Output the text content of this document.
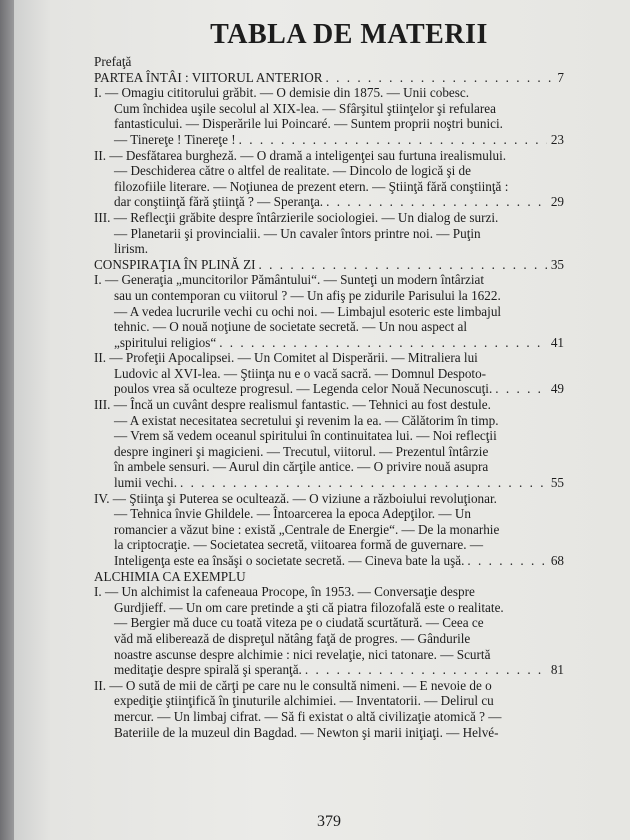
TABLA DE MATERII
Prefaţă
PARTEA ÎNTÂI : VIITORUL ANTERIOR . . .	7
I. — Omagiu cititorului grăbit. — O demisie din 1875. — Unii cobesc.
Cum închidea uşile secolul al XIX-lea. — Sfârşitul ştiinţelor şi refularea
fantasticului. — Disperările lui Poincaré. — Suntem proprii noştri bunici.
— Tinereţe ! Tinereţe ! . . .	23
II. — Desfătarea burgheză. — O dramă a inteligenţei sau furtuna irealismului.
— Deschiderea către o altfel de realitate. — Dincolo de logică şi de
filozofiile literare. — Noţiunea de prezent etern. — Ştiinţă fără conştiinţă :
dar conştiinţă fără ştiinţă ? — Speranţa. . . .	29
III. — Reflecţii grăbite despre întârzierile sociologiei. — Un dialog de surzi.
— Planetarii şi provincialii. — Un cavaler întors printre noi. — Puţin
lirism.
CONSPIRAŢIA ÎN PLINĂ ZI . . .	35
I. — Generaţia „muncitorilor Pământului“. — Sunteţi un modern întârziat
sau un contemporan cu viitorul ? — Un afiş pe zidurile Parisului la 1622.
— A vedea lucrurile vechi cu ochi noi. — Limbajul esoteric este limbajul
tehnic. — O nouă noţiune de societate secretă. — Un nou aspect al
„spiritului religios“ . . .	41
II. — Profeţii Apocalipsei. — Un Comitet al Disperării. — Mitraliera lui
Ludovic al XVI-lea. — Ştiinţa nu e o vacă sacră. — Domnul Despoto-
poulos vrea să oculteze progresul. — Legenda celor Nouă Necunoscuţi. . . .	49
III. — Încă un cuvânt despre realismul fantastic. — Tehnici au fost destule.
— A existat necesitatea secretului şi revenim la ea. — Călătorim în timp.
— Vrem să vedem oceanul spiritului în continuitatea lui. — Noi reflecţii
despre ingineri şi magicieni. — Trecutul, viitorul. — Prezentul întârzie
în ambele sensuri. — Aurul din cărţile antice. — O privire nouă asupra
lumii vechi. . . .	55
IV. — Ştiinţa şi Puterea se ocultează. — O viziune a războiului revoluţionar.
— Tehnica învie Ghildele. — Întoarcerea la epoca Adepţilor. — Un
romancier a văzut bine : există „Centrale de Energie“. — De la monarhie
la criptocraţie. — Societatea secretă, viitoarea formă de guvernare. —
Inteligenţa este ea însăşi o societate secretă. — Cineva bate la uşă. . . .	68
ALCHIMIA CA EXEMPLU
I. — Un alchimist la cafeneaua Procope, în 1953. — Conversaţie despre
Gurdjieff. — Un om care pretinde a şti că piatra filozofală este o realitate.
— Bergier mă duce cu toată viteza pe o ciudată scurtătură. — Ceea ce
văd mă eliberează de dispreţul nătâng faţă de progres. — Gândurile
noastre ascunse despre alchimie : nici revelaţie, nici tatonare. — Scurtă
meditaţie despre spirală şi speranţă. . . .	81
II. — O sută de mii de cărţi pe care nu le consultă nimeni. — E nevoie de o
expediţie ştiinţifică în ţinuturile alchimiei. — Inventatorii. — Delirul cu
mercur. — Un limbaj cifrat. — Să fi existat o altă civilizaţie atomică ? —
Bateriile de la muzeul din Bagdad. — Newton şi marii iniţiaţi. — Helvé-
379
